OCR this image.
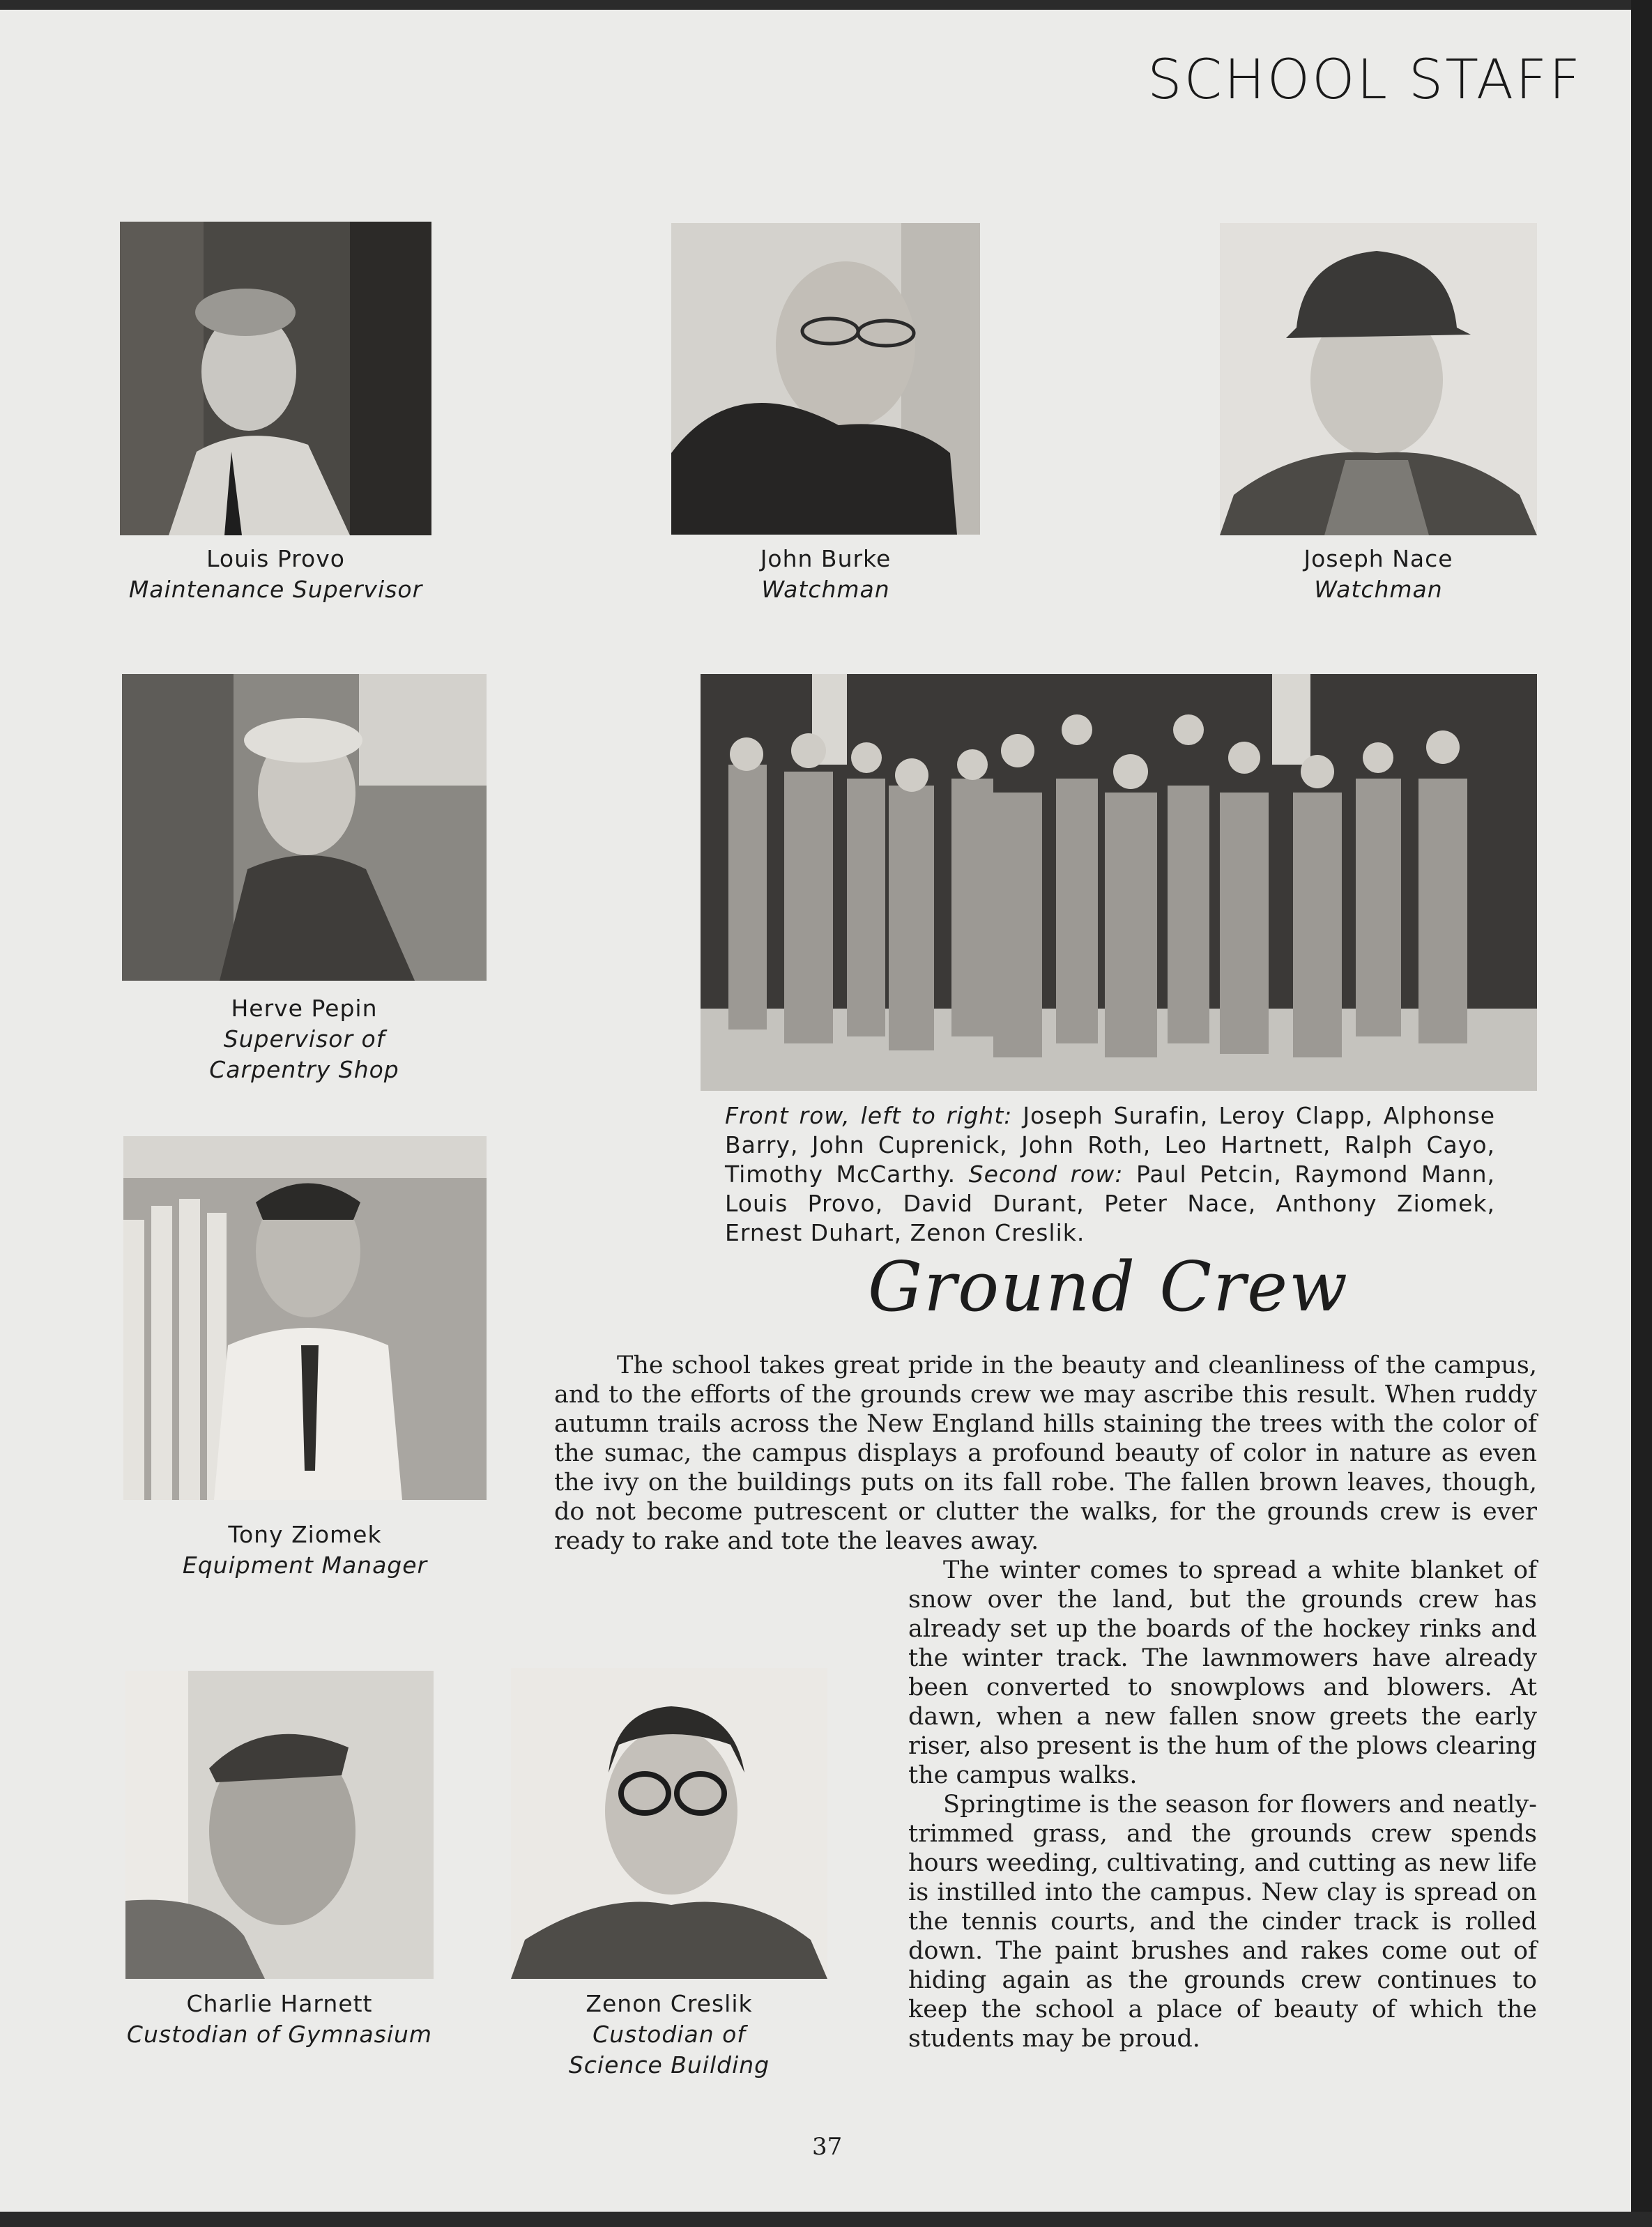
SCHOOL STAFF
Louis Provo
Maintenance Supervisor
John Burke
Watchman
Joseph Nace
Watchman
Herve Pepin
Supervisor of
Carpentry Shop
Front row, left to right: Joseph Surafin, Leroy Clapp, Alphonse Barry, John Cuprenick, John Roth, Leo Hartnett, Ralph Cayo, Timothy McCarthy. Second row: Paul Petcin, Raymond Mann, Louis Provo, David Durant, Peter Nace, Anthony Ziomek, Ernest Duhart, Zenon Creslik.
Ground Crew
Tony Ziomek
Equipment Manager
The school takes great pride in the beauty and cleanliness of the campus, and to the efforts of the grounds crew we may ascribe this result. When ruddy autumn trails across the New England hills staining the trees with the color of the sumac, the campus displays a profound beauty of color in nature as even the ivy on the buildings puts on its fall robe. The fallen brown leaves, though, do not become putrescent or clutter the walks, for the grounds crew is ever ready to rake and tote the leaves away.
The winter comes to spread a white blanket of snow over the land, but the grounds crew has already set up the boards of the hockey rinks and the winter track. The lawnmowers have already been converted to snowplows and blowers. At dawn, when a new fallen snow greets the early riser, also present is the hum of the plows clearing the campus walks.
Springtime is the season for flowers and neatly-trimmed grass, and the grounds crew spends hours weeding, cultivating, and cutting as new life is instilled into the campus. New clay is spread on the tennis courts, and the cinder track is rolled down. The paint brushes and rakes come out of hiding again as the grounds crew continues to keep the school a place of beauty of which the students may be proud.
Charlie Harnett
Custodian of Gymnasium
Zenon Creslik
Custodian of
Science Building
37
